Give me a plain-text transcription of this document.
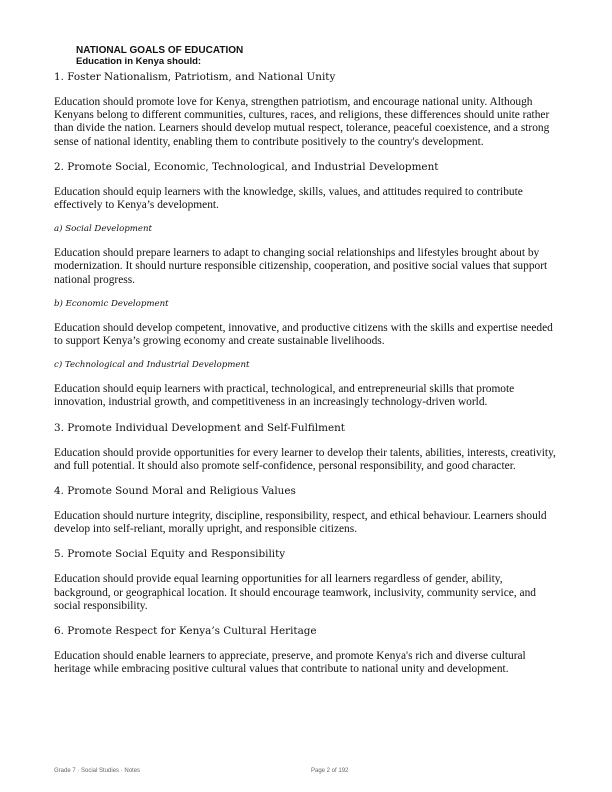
NATIONAL GOALS OF EDUCATION
Education in Kenya should:

1. Foster Nationalism, Patriotism, and National Unity

Education should promote love for Kenya, strengthen patriotism, and encourage national unity. Although Kenyans belong to different communities, cultures, races, and religions, these differences should unite rather than divide the nation. Learners should develop mutual respect, tolerance, peaceful coexistence, and a strong sense of national identity, enabling them to contribute positively to the country's development.

2. Promote Social, Economic, Technological, and Industrial Development

Education should equip learners with the knowledge, skills, values, and attitudes required to contribute effectively to Kenya’s development.

a) Social Development

Education should prepare learners to adapt to changing social relationships and lifestyles brought about by modernization. It should nurture responsible citizenship, cooperation, and positive social values that support national progress.

b) Economic Development

Education should develop competent, innovative, and productive citizens with the skills and expertise needed to support Kenya’s growing economy and create sustainable livelihoods.

c) Technological and Industrial Development

Education should equip learners with practical, technological, and entrepreneurial skills that promote innovation, industrial growth, and competitiveness in an increasingly technology-driven world.

3. Promote Individual Development and Self-Fulfilment

Education should provide opportunities for every learner to develop their talents, abilities, interests, creativity, and full potential. It should also promote self-confidence, personal responsibility, and good character.

4. Promote Sound Moral and Religious Values

Education should nurture integrity, discipline, responsibility, respect, and ethical behaviour. Learners should develop into self-reliant, morally upright, and responsible citizens.

5. Promote Social Equity and Responsibility

Education should provide equal learning opportunities for all learners regardless of gender, ability, background, or geographical location. It should encourage teamwork, inclusivity, community service, and social responsibility.

6. Promote Respect for Kenya’s Cultural Heritage

Education should enable learners to appreciate, preserve, and promote Kenya's rich and diverse cultural heritage while embracing positive cultural values that contribute to national unity and development.

Grade 7 · Social Studies · Notes	Page 2 of 192
